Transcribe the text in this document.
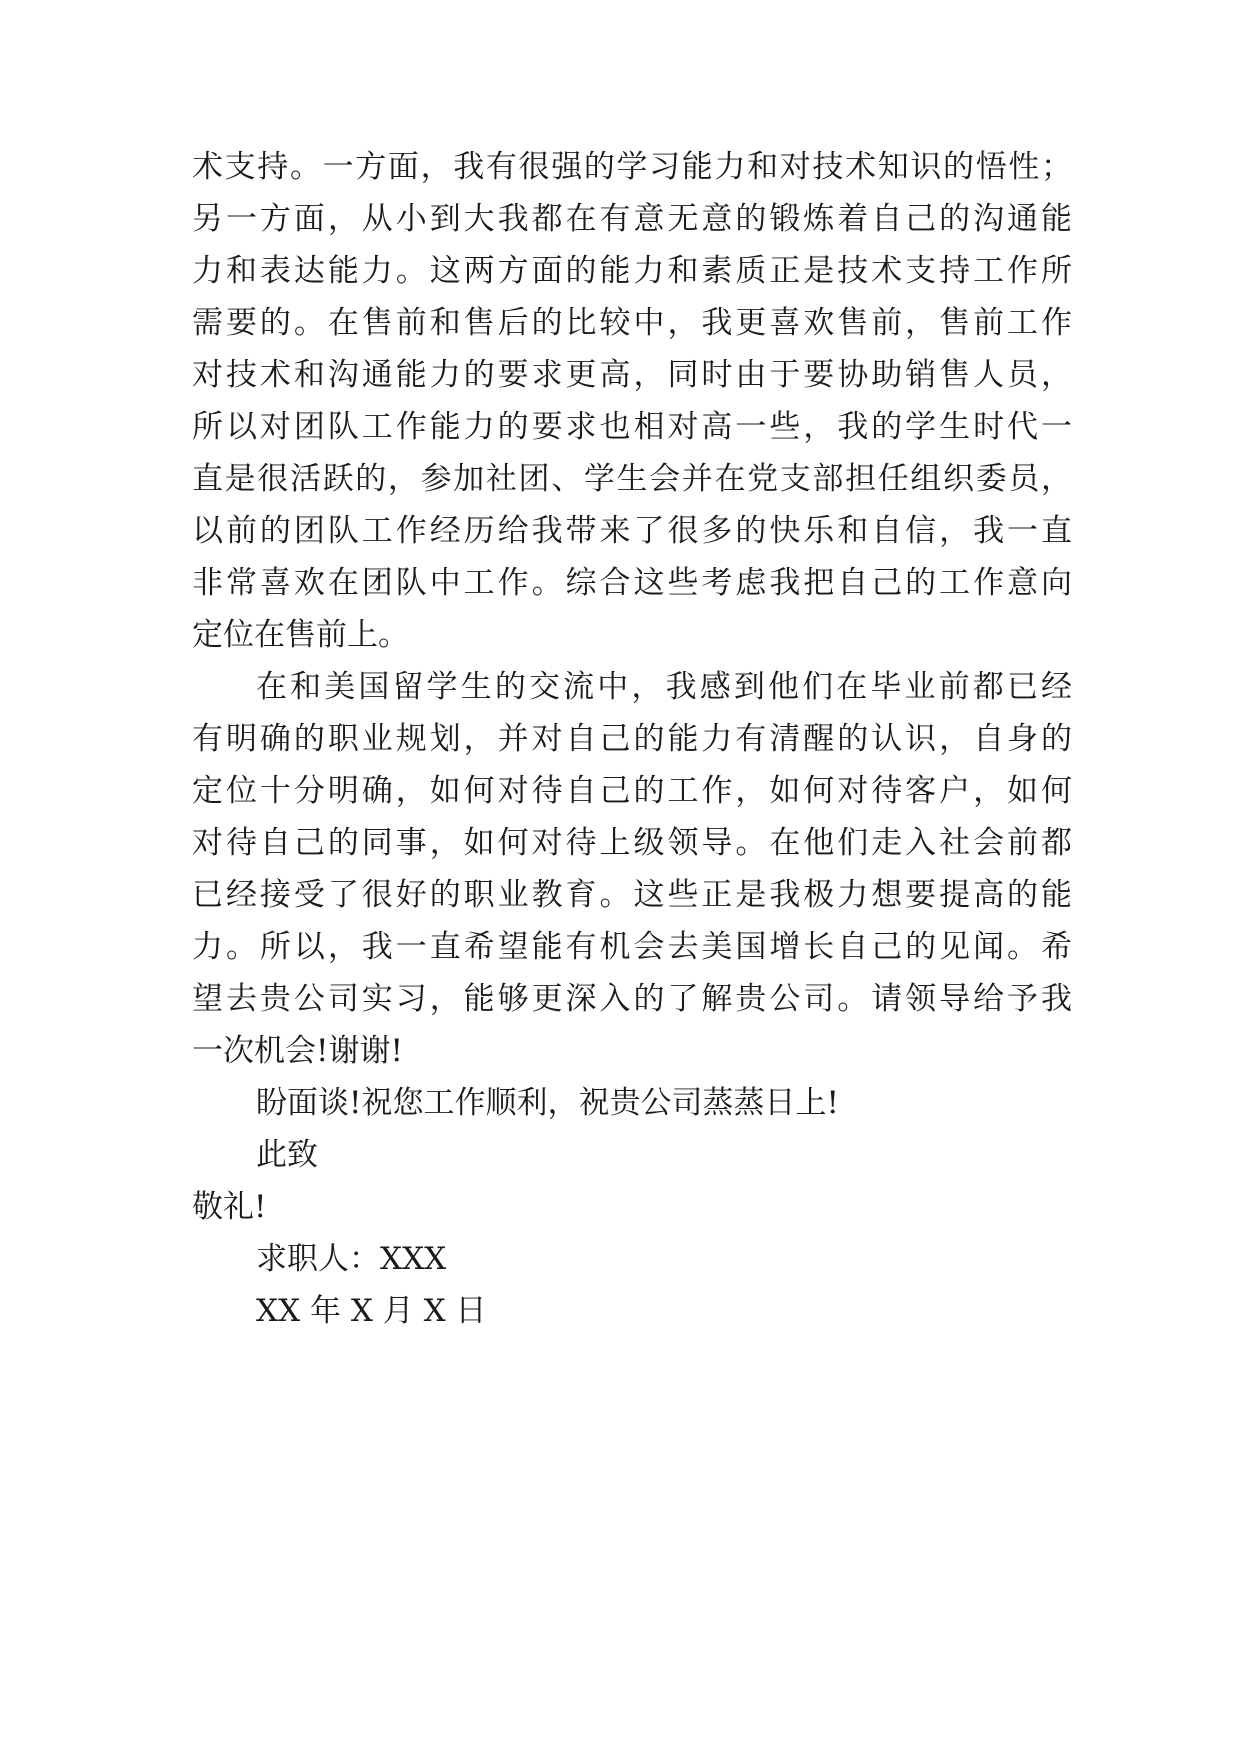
术支持。一方面，我有很强的学习能力和对技术知识的悟性；
另一方面，从小到大我都在有意无意的锻炼着自己的沟通能
力和表达能力。这两方面的能力和素质正是技术支持工作所
需要的。在售前和售后的比较中，我更喜欢售前，售前工作
对技术和沟通能力的要求更高，同时由于要协助销售人员，
所以对团队工作能力的要求也相对高一些，我的学生时代一
直是很活跃的，参加社团、学生会并在党支部担任组织委员，
以前的团队工作经历给我带来了很多的快乐和自信，我一直
非常喜欢在团队中工作。综合这些考虑我把自己的工作意向
定位在售前上。
在和美国留学生的交流中，我感到他们在毕业前都已经
有明确的职业规划，并对自己的能力有清醒的认识，自身的
定位十分明确，如何对待自己的工作，如何对待客户，如何
对待自己的同事，如何对待上级领导。在他们走入社会前都
已经接受了很好的职业教育。这些正是我极力想要提高的能
力。所以，我一直希望能有机会去美国增长自己的见闻。希
望去贵公司实习，能够更深入的了解贵公司。请领导给予我
一次机会!谢谢!
盼面谈!祝您工作顺利，祝贵公司蒸蒸日上!
此致
敬礼!
求职人：XXX
XX 年 X 月 X 日
